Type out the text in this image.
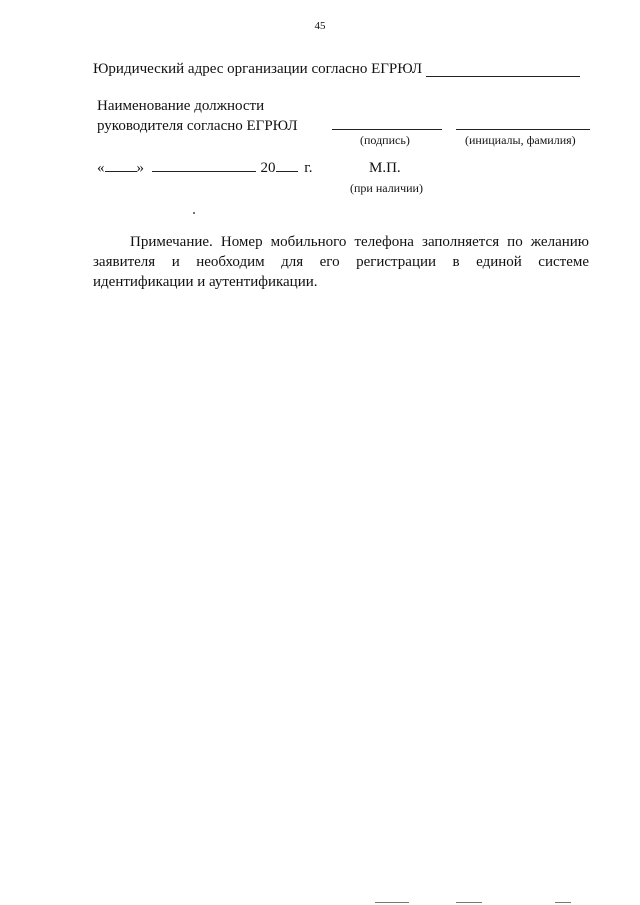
45
Юридический адрес организации согласно ЕГРЮЛ
Наименование должности
руководителя согласно ЕГРЮЛ
(подпись)	(инициалы, фамилия)
« »	20 г.	М.П.
(при наличии)
Примечание. Номер мобильного телефона заполняется по желанию заявителя и необходим для его регистрации в единой системе идентификации и аутентификации.
